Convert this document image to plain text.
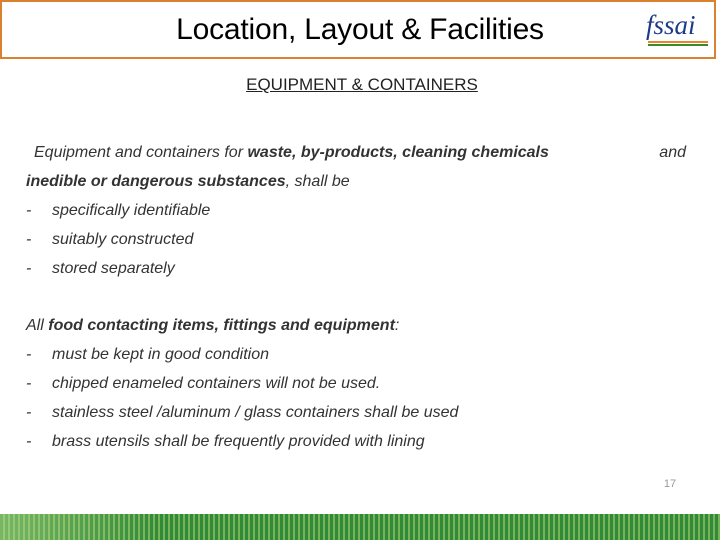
Location, Layout & Facilities	fssai
EQUIPMENT & CONTAINERS
Equipment and containers for waste, by-products, cleaning chemicals	and
inedible or dangerous substances, shall be
-	specifically identifiable
-	suitably constructed
-	stored separately
All food contacting items, fittings and equipment:
-	must be kept in good condition
-	chipped enameled containers will not be used.
-	stainless steel /aluminum / glass containers shall be used
-	brass utensils shall be frequently provided with lining
17
